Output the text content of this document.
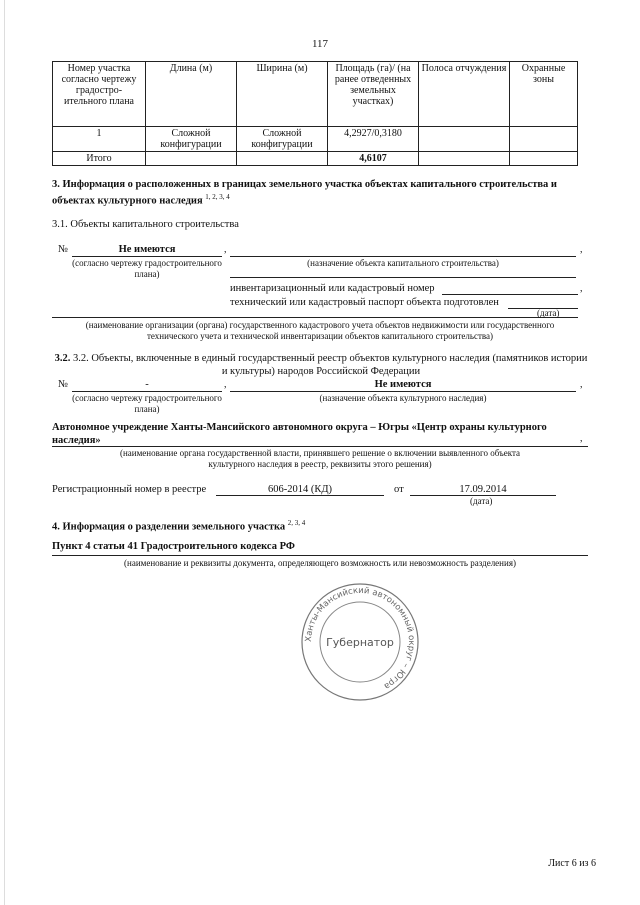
117
Номер участка согласно чертежу градостро-ительного плана	Длина (м)	Ширина (м)	Площадь (га)/ (на ранее отведенных земельных участках)	Полоса отчуждения	Охранные зоны
1	Сложной конфигурации	Сложной конфигурации	4,2927/0,3180		
Итого			4,6107		
3. Информация о расположенных в границах земельного участка объектах капитального строительства и объектах культурного наследия $^{1, 2, 3, 4}$
3.1. Объекты капитального строительства
№	Не имеются	,	,
(согласно чертежу градостроительного плана)
(назначение объекта капитального строительства)
инвентаризационный или кадастровый номер	,
технический или кадастровый паспорт объекта подготовлен
(дата)
(наименование организации (органа) государственного кадастрового учета объектов недвижимости или государственного технического учета и технической инвентаризации объектов капитального строительства)
3.2. 3.2. Объекты, включенные в единый государственный реестр объектов культурного наследия (памятников истории и культуры) народов Российской Федерации
№	-	,	Не имеются	,
(согласно чертежу градостроительного плана)
(назначение объекта культурного наследия)
Автономное учреждение Ханты-Мансийского автономного округа – Югры «Центр охраны культурного наследия»	,
(наименование органа государственной власти, принявшего решение о включении выявленного объекта культурного наследия в реестр, реквизиты этого решения)
Регистрационный номер в реестре	606-2014 (КД)	от	17.09.2014
(дата)
4. Информация о разделении земельного участка $^{2, 3, 4}$
Пункт 4 статьи 41 Градостроительного кодекса РФ
(наименование и реквизиты документа, определяющего возможность или невозможность разделения)
Ханты-Мансийский автономный округ – Югра
Губернатор
Лист 6 из 6
